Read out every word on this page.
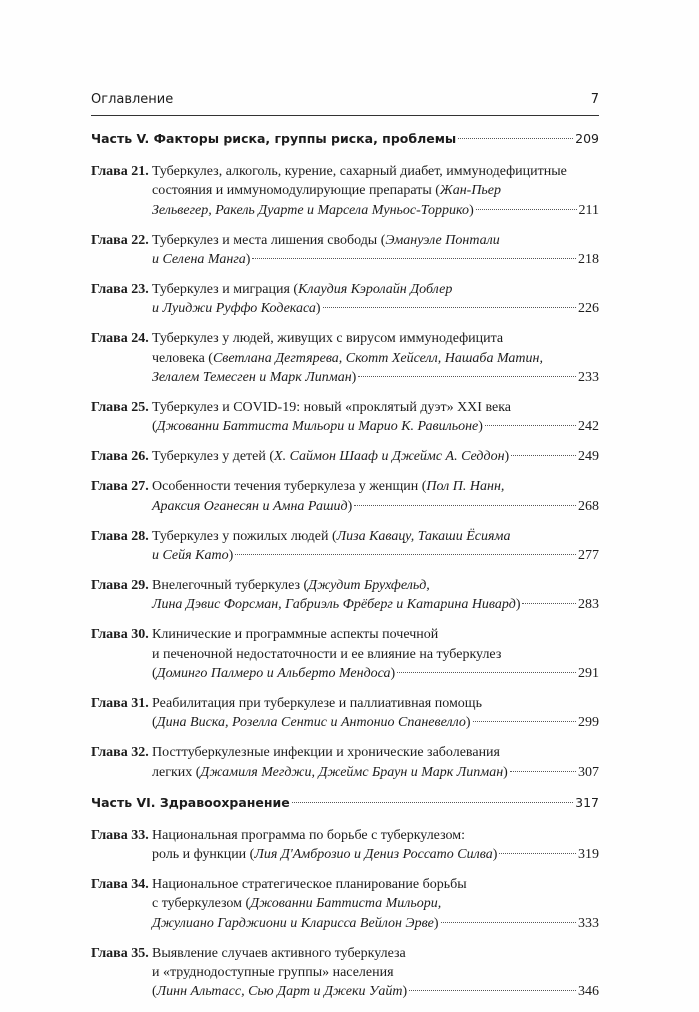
Оглавление	7
Часть V. Факторы риска, группы риска, проблемы	209
Глава 21. Туберкулез, алкоголь, курение, сахарный диабет, иммунодефицитные
состояния и иммуномодулирующие препараты (Жан-Пьер
Зельвегер, Ракель Дуарте и Марсела Муньос-Торрико)	211
Глава 22. Туберкулез и места лишения свободы (Эмануэле Понтали
и Селена Манга)	218
Глава 23. Туберкулез и миграция (Клаудия Кэролайн Доблер
и Луиджи Руффо Кодекаса)	226
Глава 24. Туберкулез у людей, живущих с вирусом иммунодефицита
человека (Светлана Дегтярева, Скотт Хейселл, Нашаба Матин,
Зелалем Темесген и Марк Липман)	233
Глава 25. Туберкулез и COVID-19: новый «проклятый дуэт» XXI века
(Джованни Баттиста Мильори и Марио К. Равильоне)	242
Глава 26. Туберкулез у детей (Х. Саймон Шааф и Джеймс А. Седдон)	249
Глава 27. Особенности течения туберкулеза у женщин (Пол П. Нанн,
Араксия Оганесян и Амна Рашид)	268
Глава 28. Туберкулез у пожилых людей (Лиза Кавацу, Такаши Ёсияма
и Сейя Като)	277
Глава 29. Внелегочный туберкулез (Джудит Брухфельд,
Лина Дэвис Форсман, Габриэль Фрёберг и Катарина Нивард)	283
Глава 30. Клинические и программные аспекты почечной
и печеночной недостаточности и ее влияние на туберкулез
(Доминго Палмеро и Альберто Мендоса)	291
Глава 31. Реабилитация при туберкулезе и паллиативная помощь
(Дина Виска, Розелла Сентис и Антонио Спаневелло)	299
Глава 32. Посттуберкулезные инфекции и хронические заболевания
легких (Джамиля Мегджи, Джеймс Браун и Марк Липман)	307
Часть VI. Здравоохранение	317
Глава 33. Национальная программа по борьбе с туберкулезом:
роль и функции (Лия Д'Амброзио и Дениз Россато Силва)	319
Глава 34. Национальное стратегическое планирование борьбы
с туберкулезом (Джованни Баттиста Мильори,
Джулиано Гарджиони и Кларисса Вейлон Эрве)	333
Глава 35. Выявление случаев активного туберкулеза
и «труднодоступные группы» населения
(Линн Альтасс, Сью Дарт и Джеки Уайт)	346
